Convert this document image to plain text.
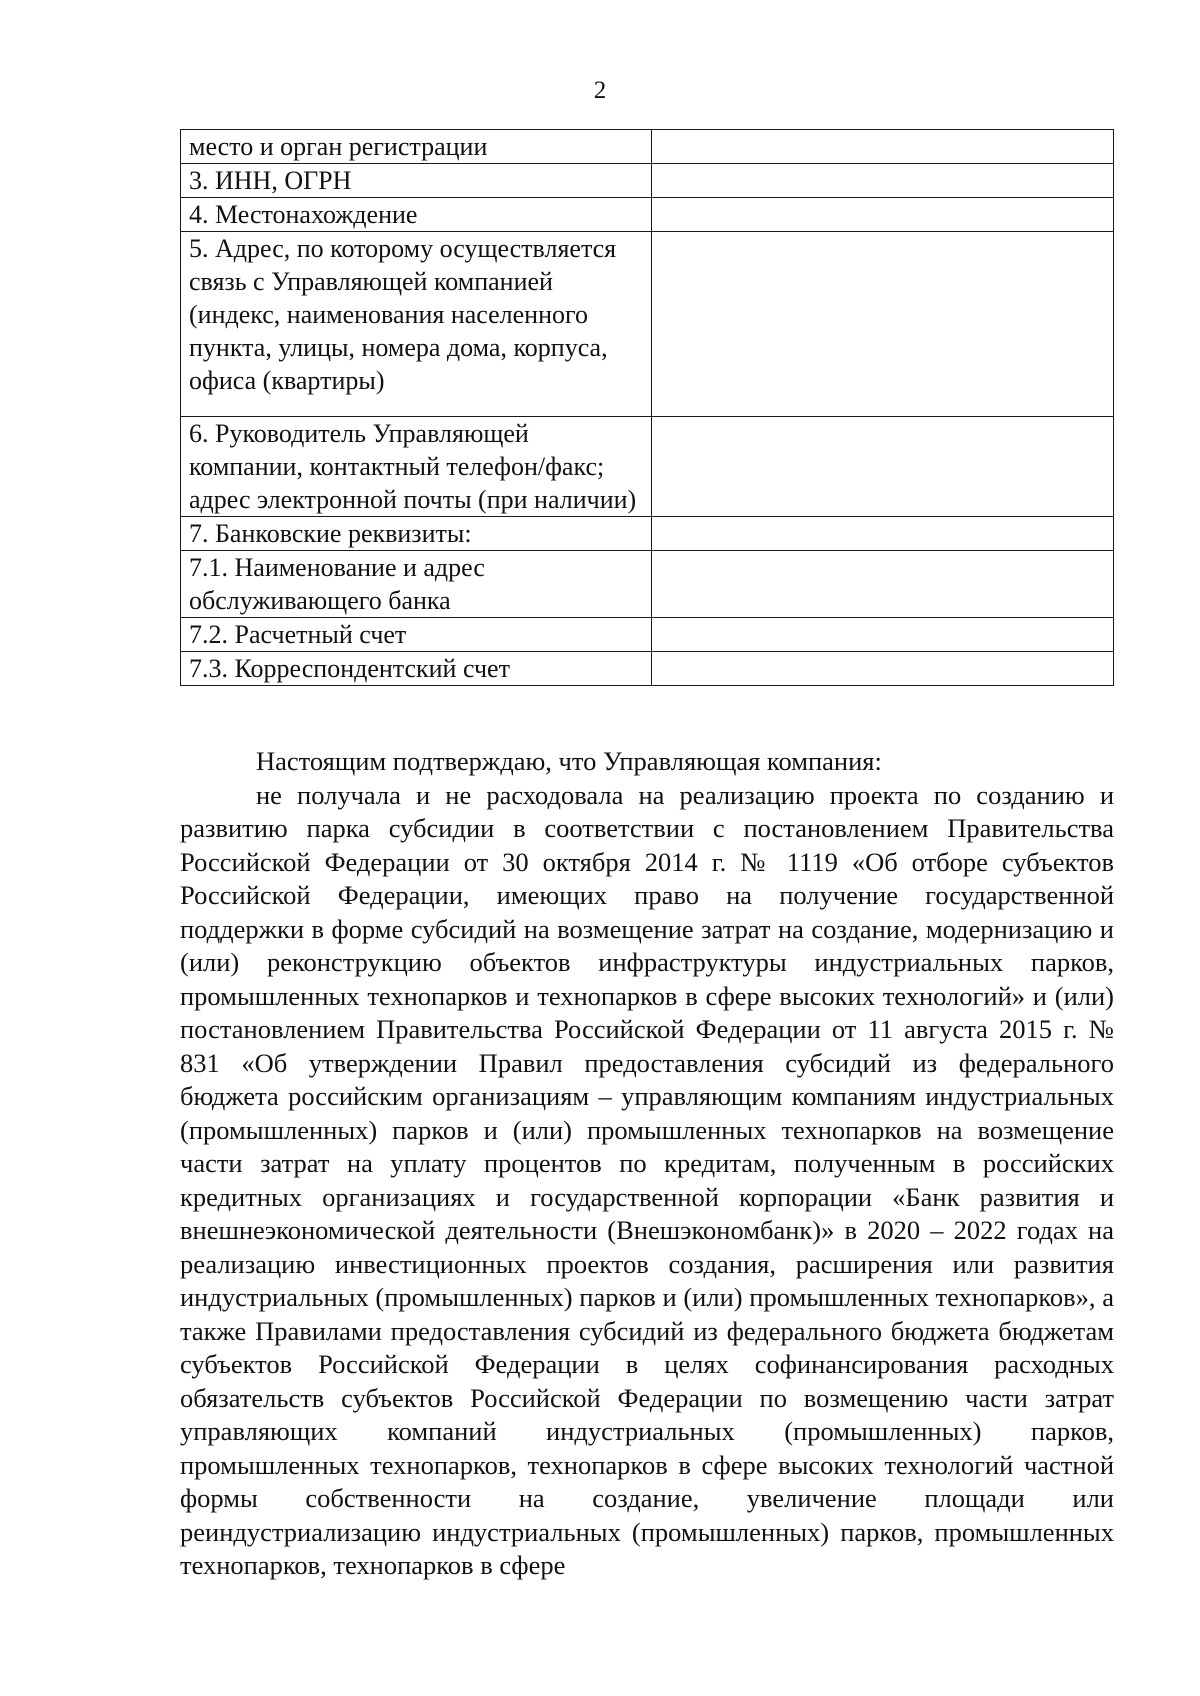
2
место и орган регистрации	
3. ИНН, ОГРН	
4. Местонахождение	
5. Адрес, по которому осуществляется связь с Управляющей компанией (индекс, наименования населенного пункта, улицы, номера дома, корпуса, офиса (квартиры)	
6. Руководитель Управляющей компании, контактный телефон/факс; адрес электронной почты (при наличии)	
7. Банковские реквизиты:	
7.1. Наименование и адрес обслуживающего банка	
7.2. Расчетный счет	
7.3. Корреспондентский счет	

Настоящим подтверждаю, что Управляющая компания:

не получала и не расходовала на реализацию проекта по созданию и развитию парка субсидии в соответствии с постановлением Правительства Российской Федерации от 30 октября 2014 г. № 1119 «Об отборе субъектов Российской Федерации, имеющих право на получение государственной поддержки в форме субсидий на возмещение затрат на создание, модернизацию и (или) реконструкцию объектов инфраструктуры индустриальных парков, промышленных технопарков и технопарков в сфере высоких технологий» и (или) постановлением Правительства Российской Федерации от 11 августа 2015 г. № 831 «Об утверждении Правил предоставления субсидий из федерального бюджета российским организациям – управляющим компаниям индустриальных (промышленных) парков и (или) промышленных технопарков на возмещение части затрат на уплату процентов по кредитам, полученным в российских кредитных организациях и государственной корпорации «Банк развития и внешнеэкономической деятельности (Внешэкономбанк)» в 2020 – 2022 годах на реализацию инвестиционных проектов создания, расширения или развития индустриальных (промышленных) парков и (или) промышленных технопарков», а также Правилами предоставления субсидий из федерального бюджета бюджетам субъектов Российской Федерации в целях софинансирования расходных обязательств субъектов Российской Федерации по возмещению части затрат управляющих компаний индустриальных (промышленных) парков, промышленных технопарков, технопарков в сфере высоких технологий частной формы собственности на создание, увеличение площади или реиндустриализацию индустриальных (промышленных) парков, промышленных технопарков, технопарков в сфере
